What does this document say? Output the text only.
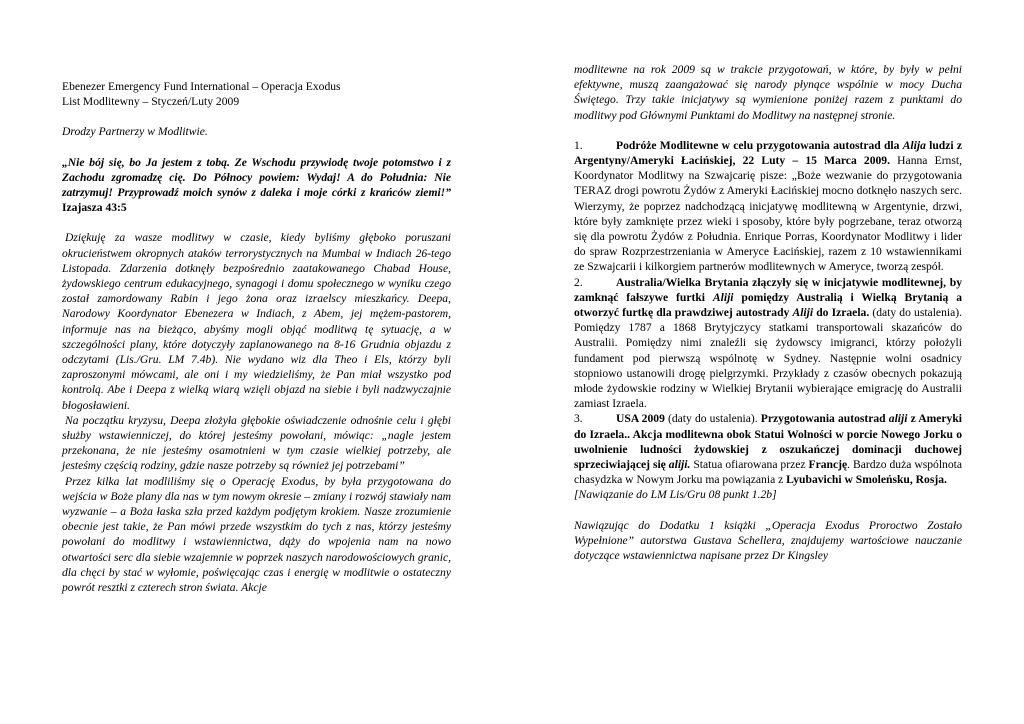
Ebenezer Emergency Fund International – Operacja Exodus

List Modlitewny – Styczeń/Luty 2009

Drodzy Partnerzy w Modlitwie.

„Nie bój się, bo Ja jestem z tobą. Ze Wschodu przywiodę twoje potomstwo i z Zachodu zgromadzę cię. Do Północy powiem: Wydaj! A do Południa: Nie zatrzymuj! Przyprowadź moich synów z daleka i moje córki z krańców ziemi!” Izajasza 43:5

Dziękuję za wasze modlitwy w czasie, kiedy byliśmy głęboko poruszani okrucieństwem okropnych ataków terrorystycznych na Mumbai w Indiach 26-tego Listopada. Zdarzenia dotknęły bezpośrednio zaatakowanego Chabad House, żydowskiego centrum edukacyjnego, synagogi i domu społecznego w wyniku czego został zamordowany Rabin i jego żona oraz izraelscy mieszkańcy. Deepa, Narodowy Koordynator Ebenezera w Indiach, z Abem, jej mężem-pastorem, informuje nas na bieżąco, abyśmy mogli objąć modlitwą tę sytuację, a w szczególności plany, które dotyczyły zaplanowanego na 8-16 Grudnia objazdu z odczytami (Lis./Gru. LM 7.4b). Nie wydano wiz dla Theo i Els, którzy byli zaproszonymi mówcami, ale oni i my wiedzieliśmy, że Pan miał wszystko pod kontrolą. Abe i Deepa z wielką wiarą wzięli objazd na siebie i byli nadzwyczajnie błogosławieni.

Na początku kryzysu, Deepa złożyła głębokie oświadczenie odnośnie celu i głębi służby wstawienniczej, do której jesteśmy powołani, mówiąc: „nagle jestem przekonana, że nie jesteśmy osamotnieni w tym czasie wielkiej potrzeby, ale jesteśmy częścią rodziny, gdzie nasze potrzeby są również jej potrzebami”

Przez kilka lat modliliśmy się o Operację Exodus, by była przygotowana do wejścia w Boże plany dla nas w tym nowym okresie – zmiany i rozwój stawiały nam wyzwanie – a Boża łaska szła przed każdym podjętym krokiem. Nasze zrozumienie obecnie jest takie, że Pan mówi przede wszystkim do tych z nas, którzy jesteśmy powołani do modlitwy i wstawiennictwa, dąży do wpojenia nam na nowo otwartości serc dla siebie wzajemnie w poprzek naszych narodowościowych granic, dla chęci by stać w wyłomie, poświęcając czas i energię w modlitwie o ostateczny powrót resztki z czterech stron świata. Akcje

modlitewne na rok 2009 są w trakcie przygotowań, w które, by były w pełni efektywne, muszą zaangażować się narody płynące wspólnie w mocy Ducha Świętego. Trzy takie inicjatywy są wymienione poniżej razem z punktami do modlitwy pod Głównymi Punktami do Modlitwy na następnej stronie.

1.	Podróże Modlitewne w celu przygotowania autostrad dla Alija ludzi z Argentyny/Ameryki Łacińskiej, 22 Luty – 15 Marca 2009. Hanna Ernst, Koordynator Modlitwy na Szwajcarię pisze: „Boże wezwanie do przygotowania TERAZ drogi powrotu Żydów z Ameryki Łacińskiej mocno dotknęło naszych serc. Wierzymy, że poprzez nadchodzącą inicjatywę modlitewną w Argentynie, drzwi, które były zamknięte przez wieki i sposoby, które były pogrzebane, teraz otworzą się dla powrotu Żydów z Południa. Enrique Porras, Koordynator Modlitwy i lider do spraw Rozprzestrzeniania w Ameryce Łacińskiej, razem z 10 wstawiennikami ze Szwajcarii i kilkorgiem partnerów modlitewnych w Ameryce, tworzą zespół.

2.	Australia/Wielka Brytania złączyły się w inicjatywie modlitewnej, by zamknąć fałszywe furtki Aliji pomiędzy Australią i Wielką Brytanią a otworzyć furtkę dla prawdziwej autostrady Aliji do Izraela. (daty do ustalenia). Pomiędzy 1787 a 1868 Brytyjczycy statkami transportowali skazańców do Australii. Pomiędzy nimi znaleźli się żydowscy imigranci, którzy położyli fundament pod pierwszą wspólnotę w Sydney. Następnie wolni osadnicy stopniowo ustanowili drogę pielgrzymki. Przykłady z czasów obecnych pokazują młode żydowskie rodziny w Wielkiej Brytanii wybierające emigrację do Australii zamiast Izraela.

3.	USA 2009 (daty do ustalenia). Przygotowania autostrad aliji z Ameryki do Izraela.. Akcja modlitewna obok Statui Wolności w porcie Nowego Jorku o uwolnienie ludności żydowskiej z oszukańczej dominacji duchowej sprzeciwiającej się aliji. Statua ofiarowana przez Francję. Bardzo duża wspólnota chasydzka w Nowym Jorku ma powiązania z Lyubavichi w Smoleńsku, Rosja.

[Nawiązanie do LM Lis/Gru 08 punkt 1.2b]

Nawiązując do Dodatku 1 książki „Operacja Exodus Proroctwo Zostało Wypełnione” autorstwa Gustava Schellera, znajdujemy wartościowe nauczanie dotyczące wstawiennictwa napisane przez Dr Kingsley
